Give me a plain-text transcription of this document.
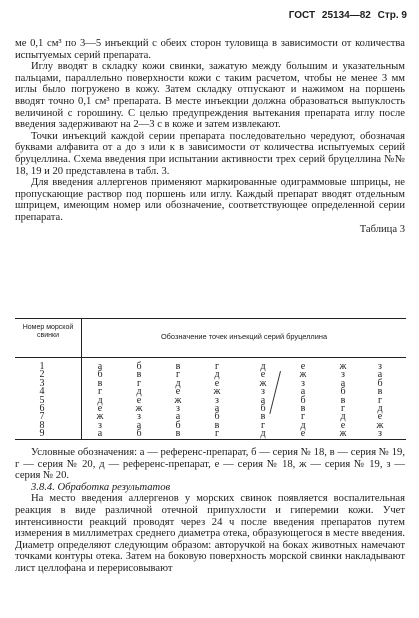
ГОСТ 25134—82 Стр. 9

ме 0,1 см³ по 3—5 инъекций с обеих сторон туловища в зависимости от количества испытуемых серий препарата.

Иглу вводят в складку кожи свинки, зажатую между большим и указательным пальцами, параллельно поверхности кожи с таким расчетом, чтобы не менее 3 мм иглы было погружено в кожу. Затем складку отпускают и нажимом на поршень вводят точно 0,1 см³ препарата. В месте инъекции должна образоваться выпуклость величиной с горошину. С целью предупреждения вытекания препарата иглу после введения задерживают на 2—3 с в коже и затем извлекают.

Точки инъекций каждой серии препарата последовательно чередуют, обозначая буквами алфавита от а до з или к в зависимости от количества испытуемых серий бруцеллина. Схема введения при испытании активности трех серий бруцеллина №№ 18, 19 и 20 представлена в табл. 3.

Для введения аллергенов применяют маркированные одиграммовые шприцы, не пропускающие раствор под поршень или иглу. Каждый препарат вводят отдельным шприцем, имеющим номер или обозначение, соответствующее определенной серии препарата.

Таблица 3

Номер морской свинки	Обозначение точек инъекций серий бруцеллина
1	а	б	в	г	д	е	ж	з
2	б	в	г	д	е	ж	з	а
3	в	г	д	е	ж	з	а	б
4	г	д	е	ж	з	а	б	в
5	д	е	ж	з	а	б	в	г
6	е	ж	з	а	б	в	г	д
7	ж	з	а	б	в	г	д	е
8	з	а	б	в	г	д	е	ж
9	а	б	в	г	д	е	ж	з

Условные обозначения: а — референс-препарат, б — серия № 18, в — серия № 19, г — серия № 20, д — референс-препарат, е — серия № 18, ж — серия № 19, з — серия № 20.

3.8.4. Обработка результатов

На место введения аллергенов у морских свинок появляется воспалительная реакция в виде различной отечной припухлости и гиперемии кожи. Учет интенсивности реакций проводят через 24 ч после введения препаратов путем измерения в миллиметрах среднего диаметра отека, образующегося в месте введения. Диаметр определяют следующим образом: авторучкой на боках животных намечают точками контуры отека. Затем на боковую поверхность морской свинки накладывают лист целлофана и перерисовывают
